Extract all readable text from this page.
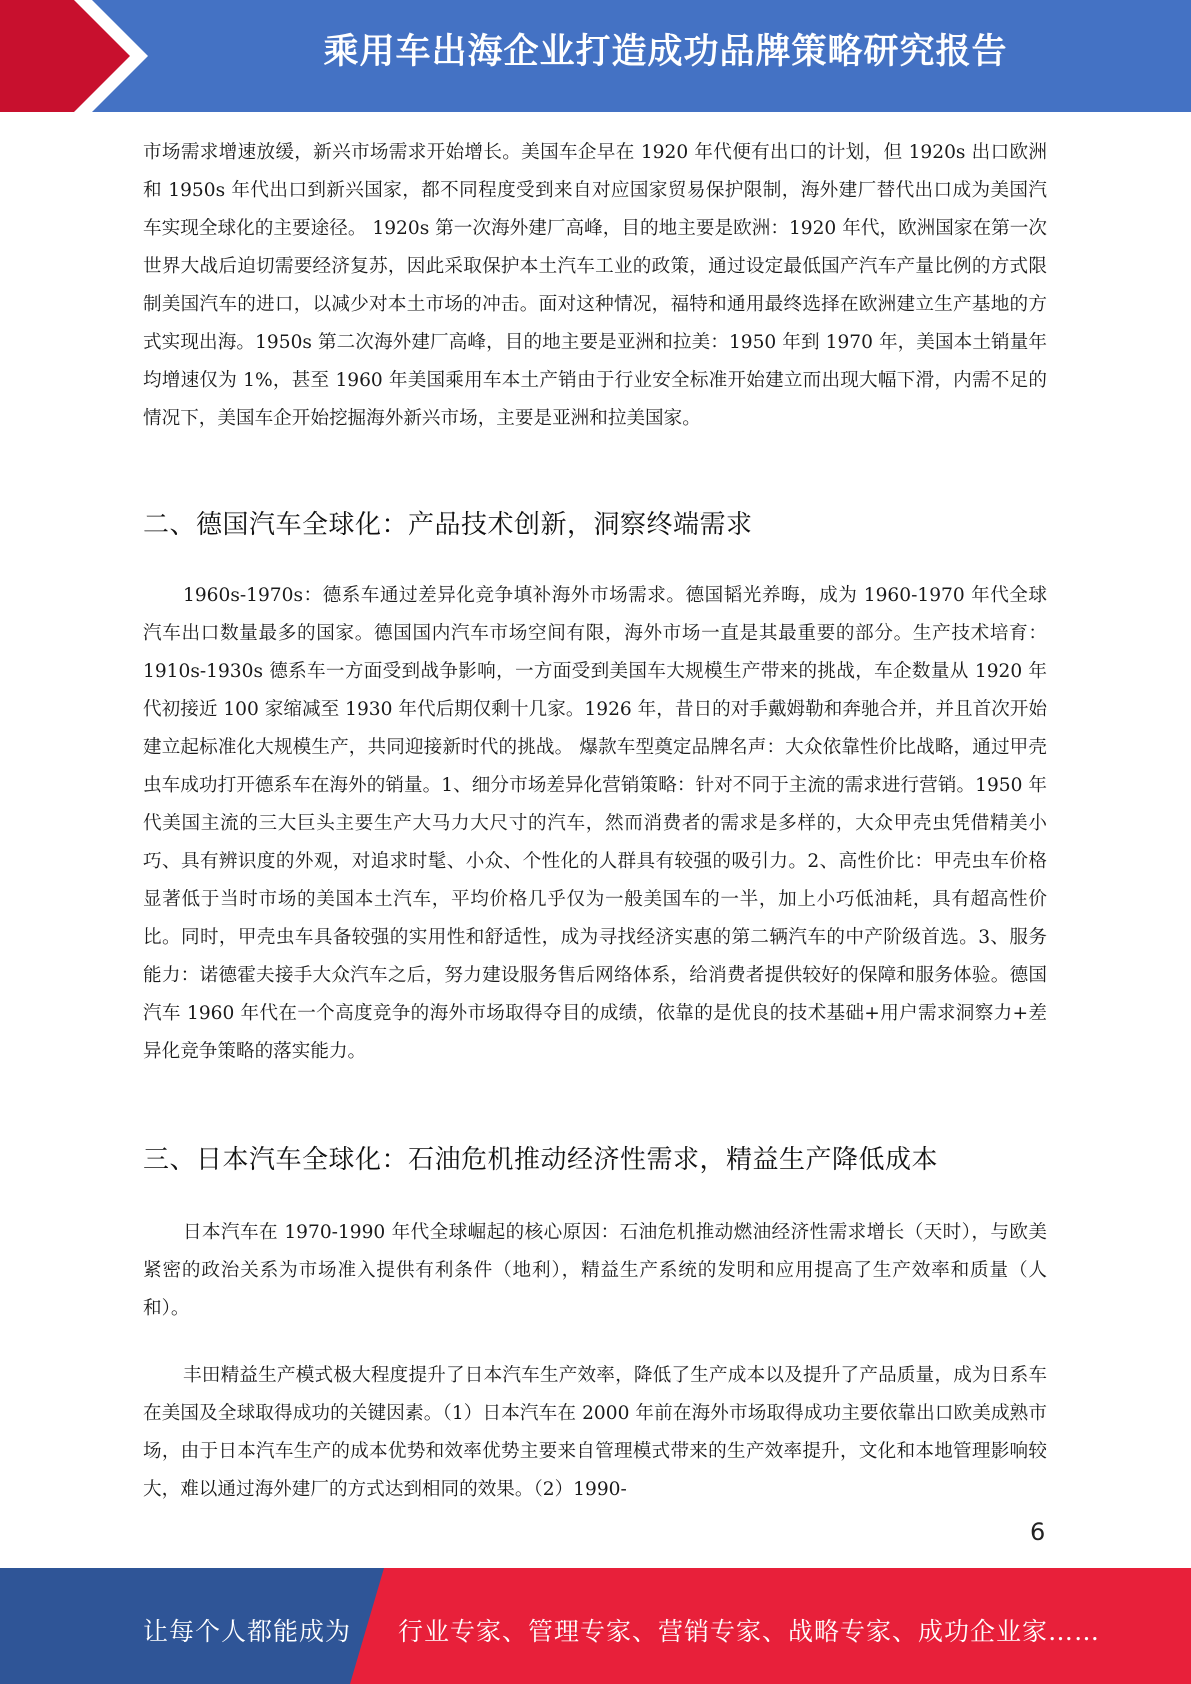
乘用车出海企业打造成功品牌策略研究报告

市场需求增速放缓，新兴市场需求开始增长。美国车企早在 1920 年代便有出口的计划，但 1920s 出口欧洲和 1950s 年代出口到新兴国家，都不同程度受到来自对应国家贸易保护限制，海外建厂替代出口成为美国汽车实现全球化的主要途径。 1920s 第一次海外建厂高峰，目的地主要是欧洲：1920 年代，欧洲国家在第一次世界大战后迫切需要经济复苏，因此采取保护本土汽车工业的政策，通过设定最低国产汽车产量比例的方式限制美国汽车的进口，以减少对本土市场的冲击。面对这种情况，福特和通用最终选择在欧洲建立生产基地的方式实现出海。1950s 第二次海外建厂高峰，目的地主要是亚洲和拉美：1950 年到 1970 年，美国本土销量年均增速仅为 1%，甚至 1960 年美国乘用车本土产销由于行业安全标准开始建立而出现大幅下滑，内需不足的情况下，美国车企开始挖掘海外新兴市场，主要是亚洲和拉美国家。

二、德国汽车全球化：产品技术创新，洞察终端需求

1960s-1970s：德系车通过差异化竞争填补海外市场需求。德国韬光养晦，成为 1960-1970 年代全球汽车出口数量最多的国家。德国国内汽车市场空间有限，海外市场一直是其最重要的部分。生产技术培育：1910s-1930s 德系车一方面受到战争影响，一方面受到美国车大规模生产带来的挑战，车企数量从 1920 年代初接近 100 家缩减至 1930 年代后期仅剩十几家。1926 年，昔日的对手戴姆勒和奔驰合并，并且首次开始建立起标准化大规模生产，共同迎接新时代的挑战。 爆款车型奠定品牌名声：大众依靠性价比战略，通过甲壳虫车成功打开德系车在海外的销量。1、细分市场差异化营销策略：针对不同于主流的需求进行营销。1950 年代美国主流的三大巨头主要生产大马力大尺寸的汽车，然而消费者的需求是多样的，大众甲壳虫凭借精美小巧、具有辨识度的外观，对追求时髦、小众、个性化的人群具有较强的吸引力。2、高性价比：甲壳虫车价格显著低于当时市场的美国本土汽车，平均价格几乎仅为一般美国车的一半，加上小巧低油耗，具有超高性价比。同时，甲壳虫车具备较强的实用性和舒适性，成为寻找经济实惠的第二辆汽车的中产阶级首选。3、服务能力：诺德霍夫接手大众汽车之后，努力建设服务售后网络体系，给消费者提供较好的保障和服务体验。德国汽车 1960 年代在一个高度竞争的海外市场取得夺目的成绩，依靠的是优良的技术基础+用户需求洞察力+差异化竞争策略的落实能力。

三、日本汽车全球化：石油危机推动经济性需求，精益生产降低成本

日本汽车在 1970-1990 年代全球崛起的核心原因：石油危机推动燃油经济性需求增长（天时），与欧美紧密的政治关系为市场准入提供有利条件（地利），精益生产系统的发明和应用提高了生产效率和质量（人和）。

丰田精益生产模式极大程度提升了日本汽车生产效率，降低了生产成本以及提升了产品质量，成为日系车在美国及全球取得成功的关键因素。（1）日本汽车在 2000 年前在海外市场取得成功主要依靠出口欧美成熟市场，由于日本汽车生产的成本优势和效率优势主要来自管理模式带来的生产效率提升，文化和本地管理影响较大，难以通过海外建厂的方式达到相同的效果。（2）1990-

6
让每个人都能成为 行业专家、管理专家、营销专家、战略专家、成功企业家……
